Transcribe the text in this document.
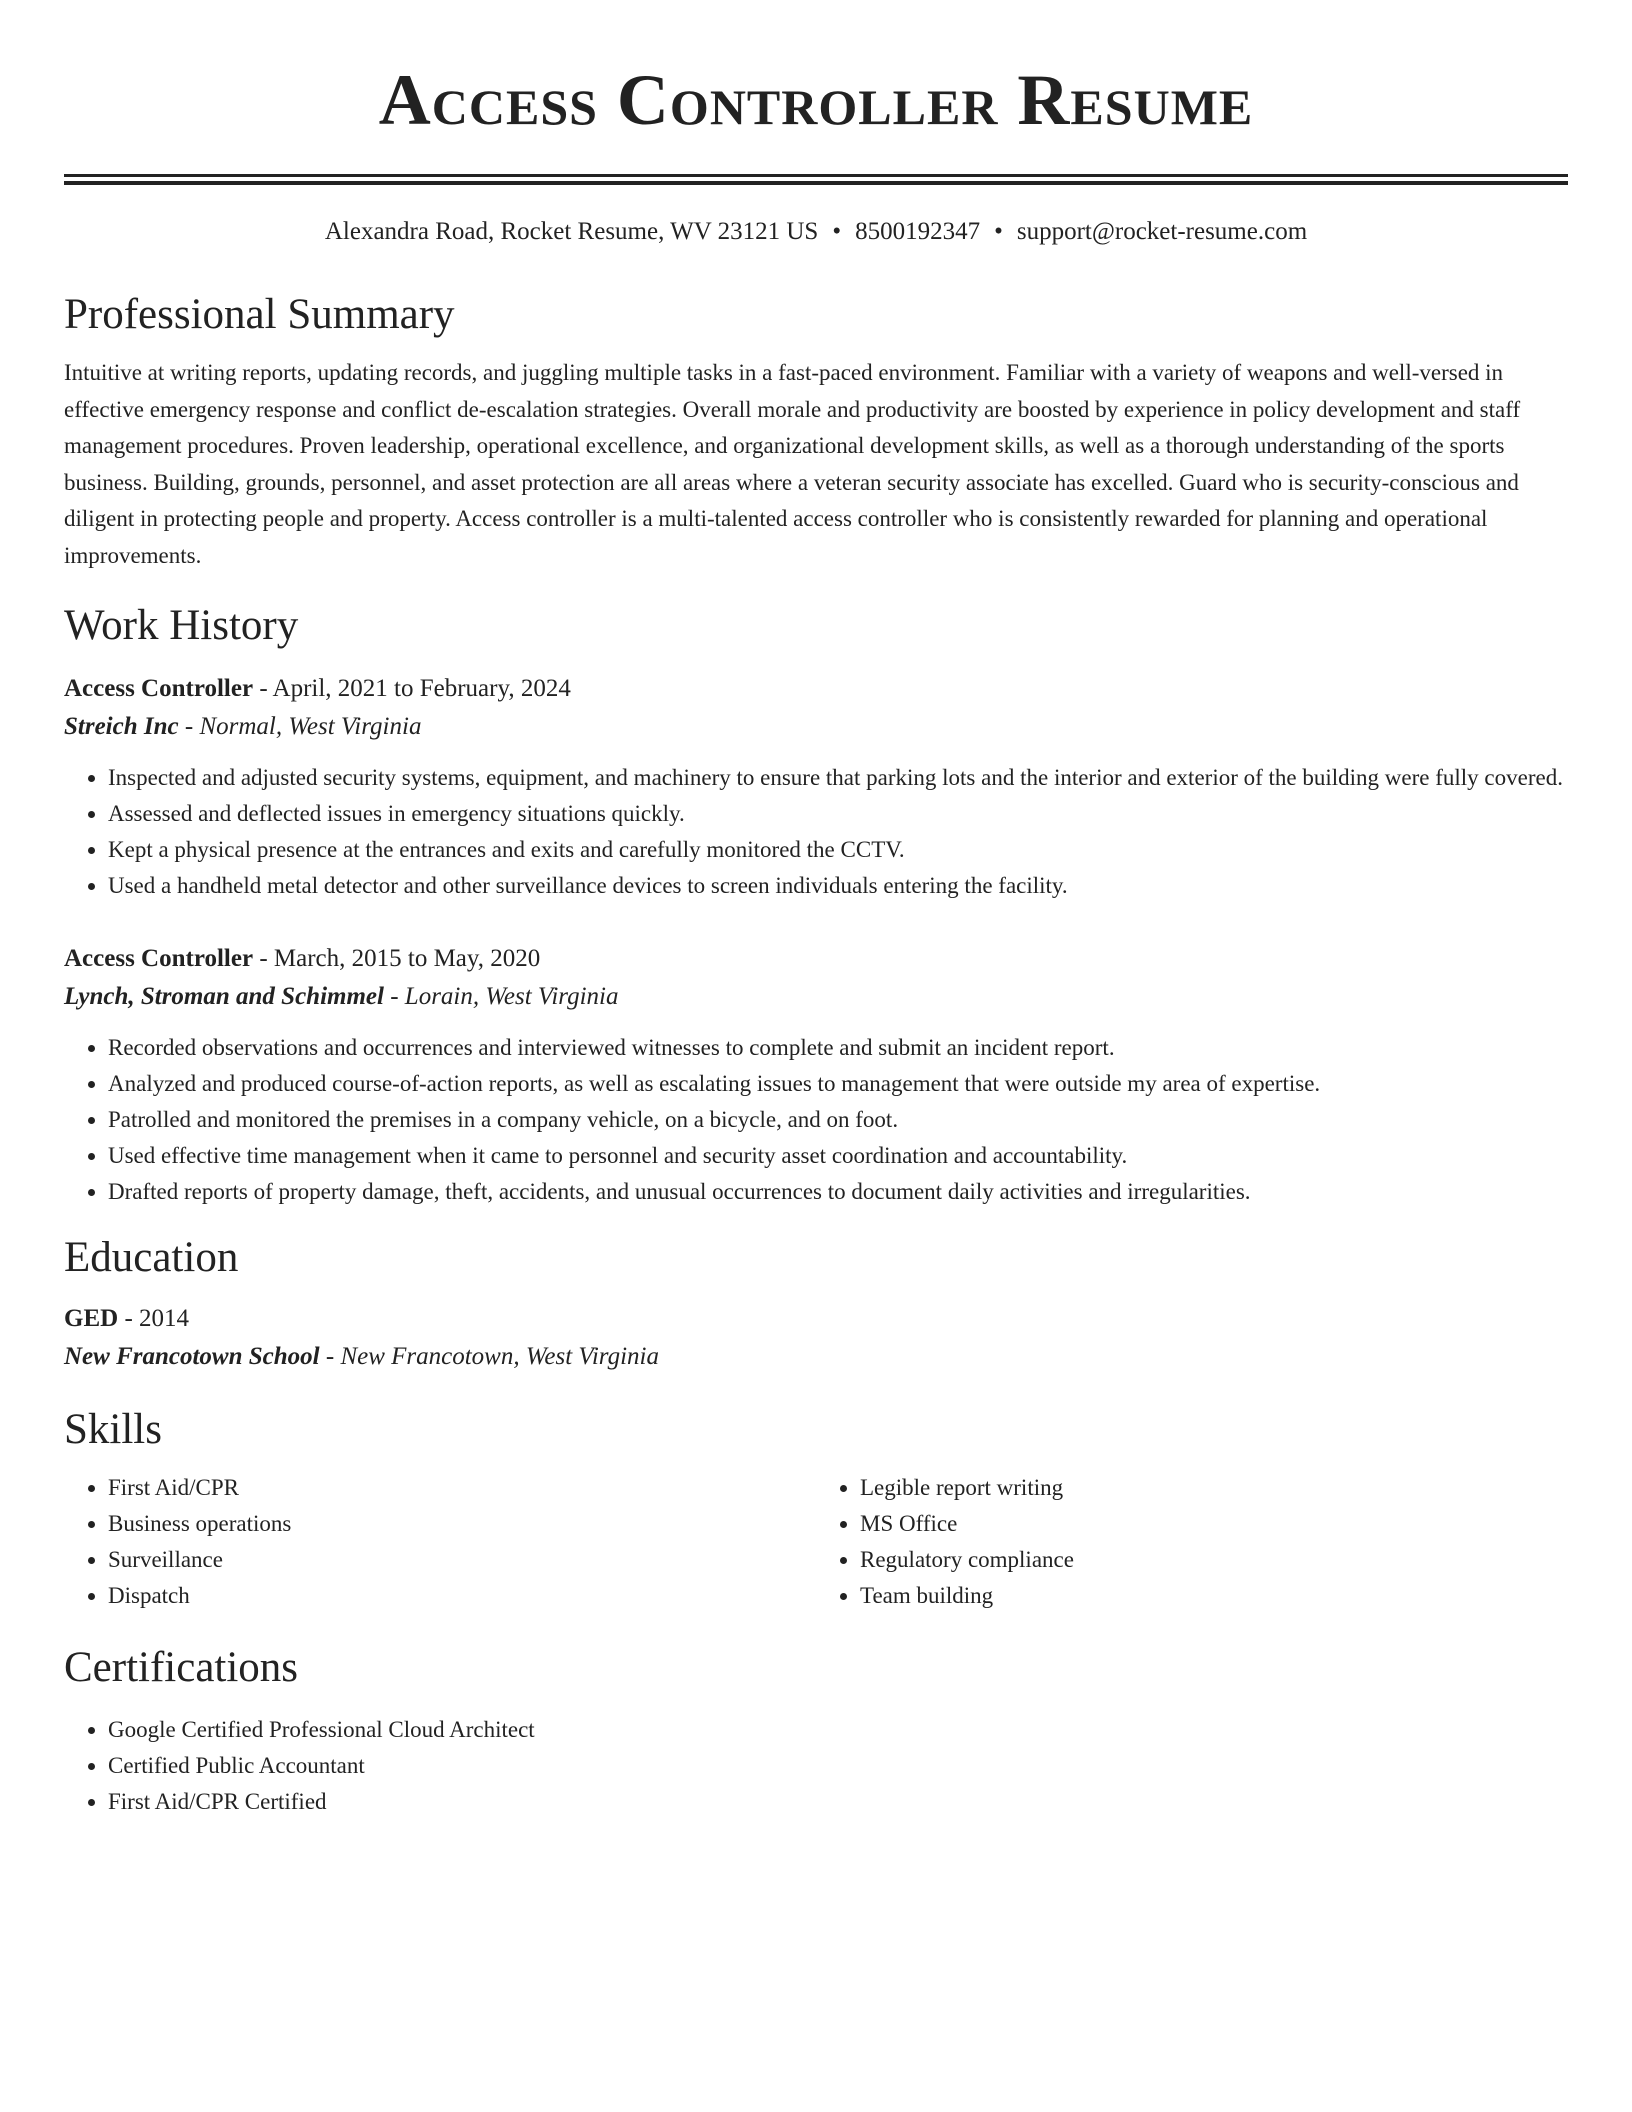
Access Controller Resume
Alexandra Road, Rocket Resume, WV 23121 US • 8500192347 • support@rocket-resume.com
Professional Summary

Intuitive at writing reports, updating records, and juggling multiple tasks in a fast-paced environment. Familiar with a variety of weapons and well-versed in effective emergency response and conflict de-escalation strategies. Overall morale and productivity are boosted by experience in policy development and staff management procedures. Proven leadership, operational excellence, and organizational development skills, as well as a thorough understanding of the sports business. Building, grounds, personnel, and asset protection are all areas where a veteran security associate has excelled. Guard who is security-conscious and diligent in protecting people and property. Access controller is a multi-talented access controller who is consistently rewarded for planning and operational improvements.

Work History
Access Controller - April, 2021 to February, 2024
Streich Inc - Normal, West Virginia
• Inspected and adjusted security systems, equipment, and machinery to ensure that parking lots and the interior and exterior of the building were fully covered.
• Assessed and deflected issues in emergency situations quickly.
• Kept a physical presence at the entrances and exits and carefully monitored the CCTV.
• Used a handheld metal detector and other surveillance devices to screen individuals entering the facility.
Access Controller - March, 2015 to May, 2020
Lynch, Stroman and Schimmel - Lorain, West Virginia
• Recorded observations and occurrences and interviewed witnesses to complete and submit an incident report.
• Analyzed and produced course-of-action reports, as well as escalating issues to management that were outside my area of expertise.
• Patrolled and monitored the premises in a company vehicle, on a bicycle, and on foot.
• Used effective time management when it came to personnel and security asset coordination and accountability.
• Drafted reports of property damage, theft, accidents, and unusual occurrences to document daily activities and irregularities.
Education
GED - 2014
New Francotown School - New Francotown, West Virginia
Skills
• First Aid/CPR
• Business operations
• Surveillance
• Dispatch
• Legible report writing
• MS Office
• Regulatory compliance
• Team building
Certifications
• Google Certified Professional Cloud Architect
• Certified Public Accountant
• First Aid/CPR Certified
